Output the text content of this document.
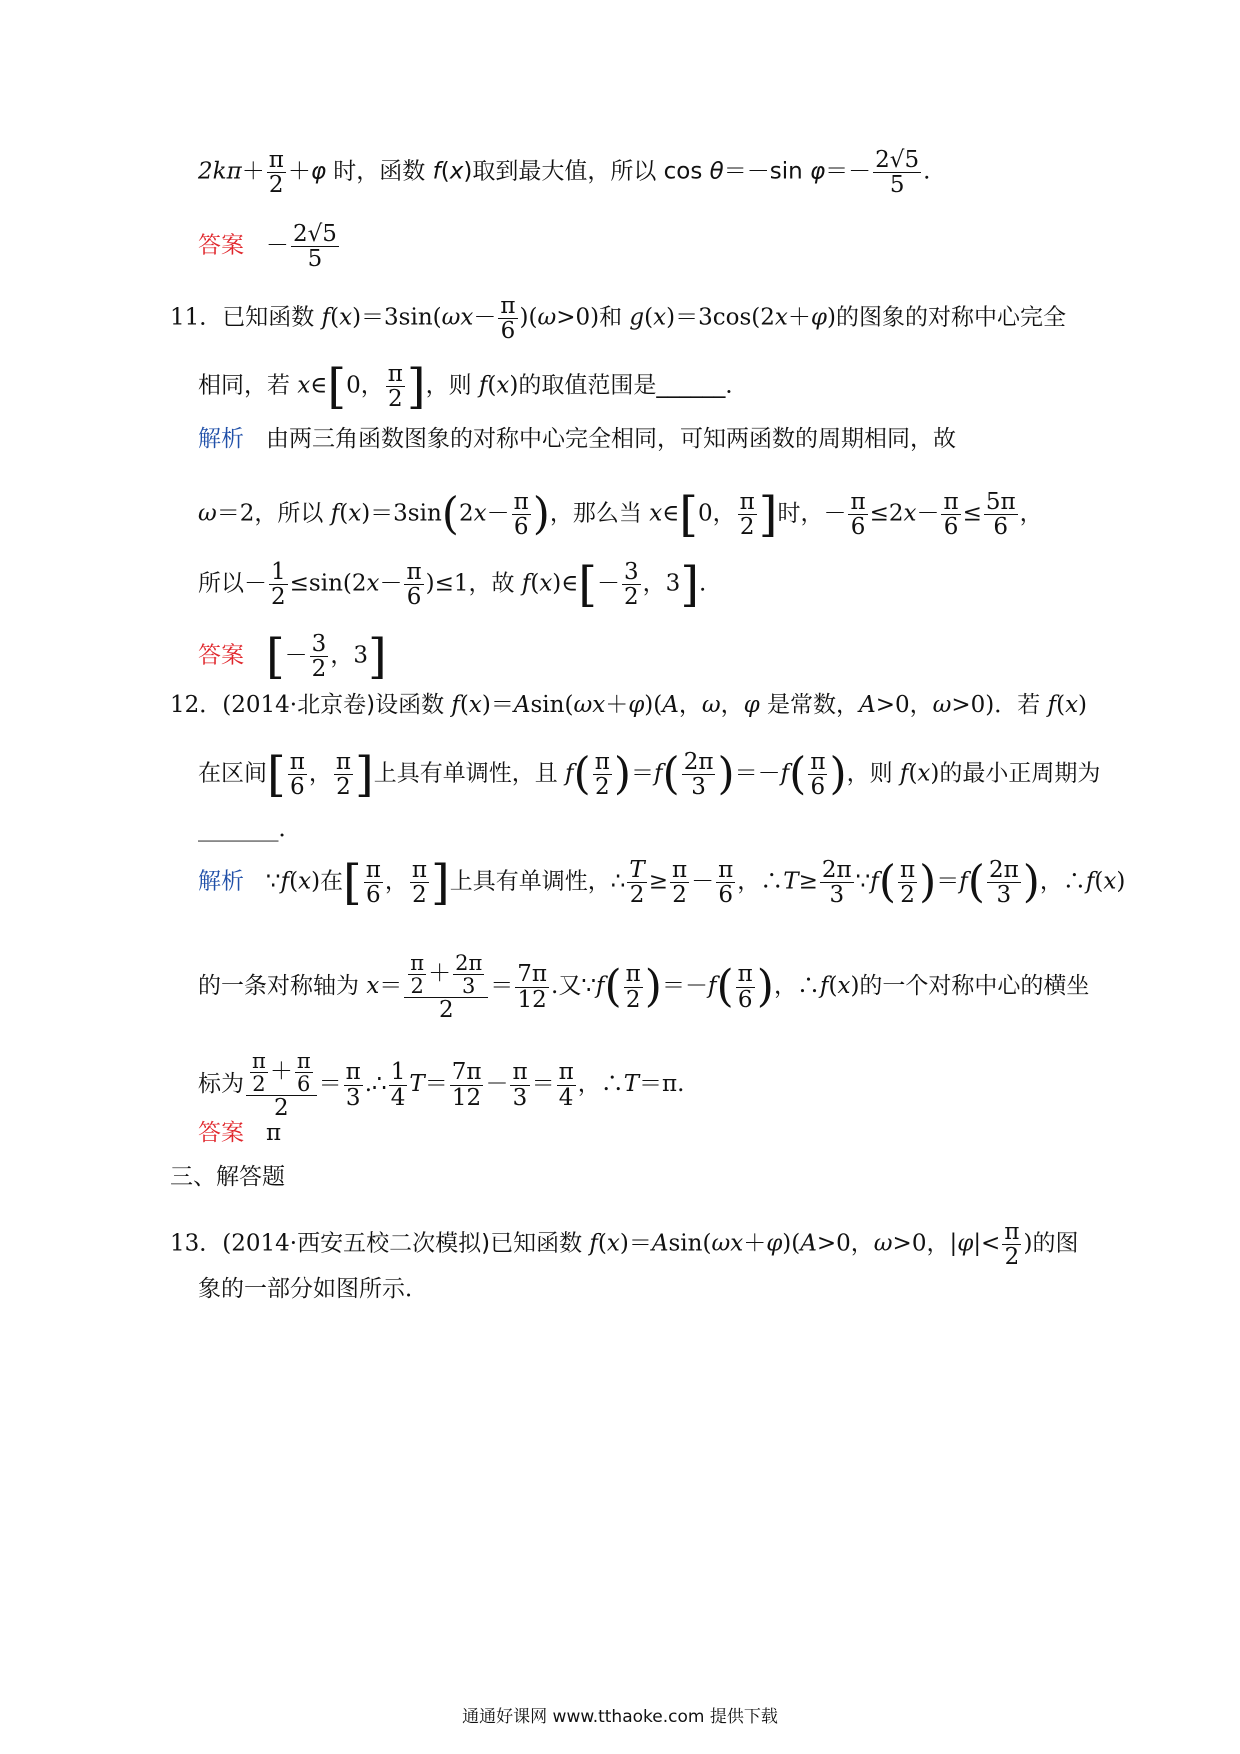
$2k\pi+ \frac{\pi}{2} +\varphi$ 时，函数 f(x)取到最大值，所以 cos θ＝－sin $\varphi=- \frac{2√5}{5}$ .
答案   － $\frac{2√5}{5}$
11．已知函数 $f(x)=3\sin(\omega x- \frac{\pi}{6} )(\omega>0)$和 g(x)＝3cos(2x＋φ)的图象的对称中心完全
相同，若 x∈[0， $\frac{\pi}{2}$ ]，则 f(x)的取值范围是______．
解析 由两三角函数图象的对称中心完全相同，可知两函数的周期相同，故
ω＝2，所以 $f(x)=3\sin(2x- \frac{\pi}{6}$ )，那么当 x∈[0， $\frac{\pi}{2}$ ]时，－ $\frac{\pi}{6} \le 2x- \frac{\pi}{6} \le \frac{5\pi}{6}$ ，
所以－ $\frac{1}{2} \le\sin(2x- \frac{\pi}{6} )\le 1$，故 f(x)∈[－ $\frac{3}{2}$ ，3].
答案 [－ $\frac{3}{2}$ ，3]
12．(2014·北京卷)设函数 f(x)＝Asin(ωx＋φ)(A，ω，φ 是常数，A>0，ω>0)．若 f(x)
在区间[ $\frac{\pi}{6}$ ， $\frac{\pi}{2}$ ]上具有单调性，且 $f( \frac{\pi}{2} )=f( \frac{2\pi}{3} )=-f( \frac{\pi}{6}$ )，则 f(x)的最小正周期为
_______．
解析   ∵f(x)在[ $\frac{\pi}{6}$ ， $\frac{\pi}{2}$ ]上具有单调性，∴ $\frac{T}{2} \ge \frac{\pi}{2} - \frac{\pi}{6}$ ，∴T≥ $\frac{2\pi}{3}$ ∵f( $\frac{\pi}{2} )=f( \frac{2\pi}{3}$ )，∴f(x)
的一条对称轴为 $x= \frac{\frac{\pi}{2} + \frac{2\pi}{3}}{2} = \frac{7\pi}{12}$ .又∵f( $\frac{\pi}{2} )=-f( \frac{\pi}{6}$ )，∴f(x)的一个对称中心的横坐
标为 $\frac{\frac{\pi}{2} + \frac{\pi}{6}}{2} = \frac{\pi}{3}$ .∴ $\frac{1}{4} T= \frac{7\pi}{12} - \frac{\pi}{3} = \frac{\pi}{4}$ ，∴T＝π.
答案 π
三、解答题
13．(2014·西安五校二次模拟)已知函数 f(x)＝Asin(ωx＋φ)(A>0，ω>0，$|\varphi|< \frac{\pi}{2}$ )的图
象的一部分如图所示．
通通好课网 www.tthaoke.com 提供下载
